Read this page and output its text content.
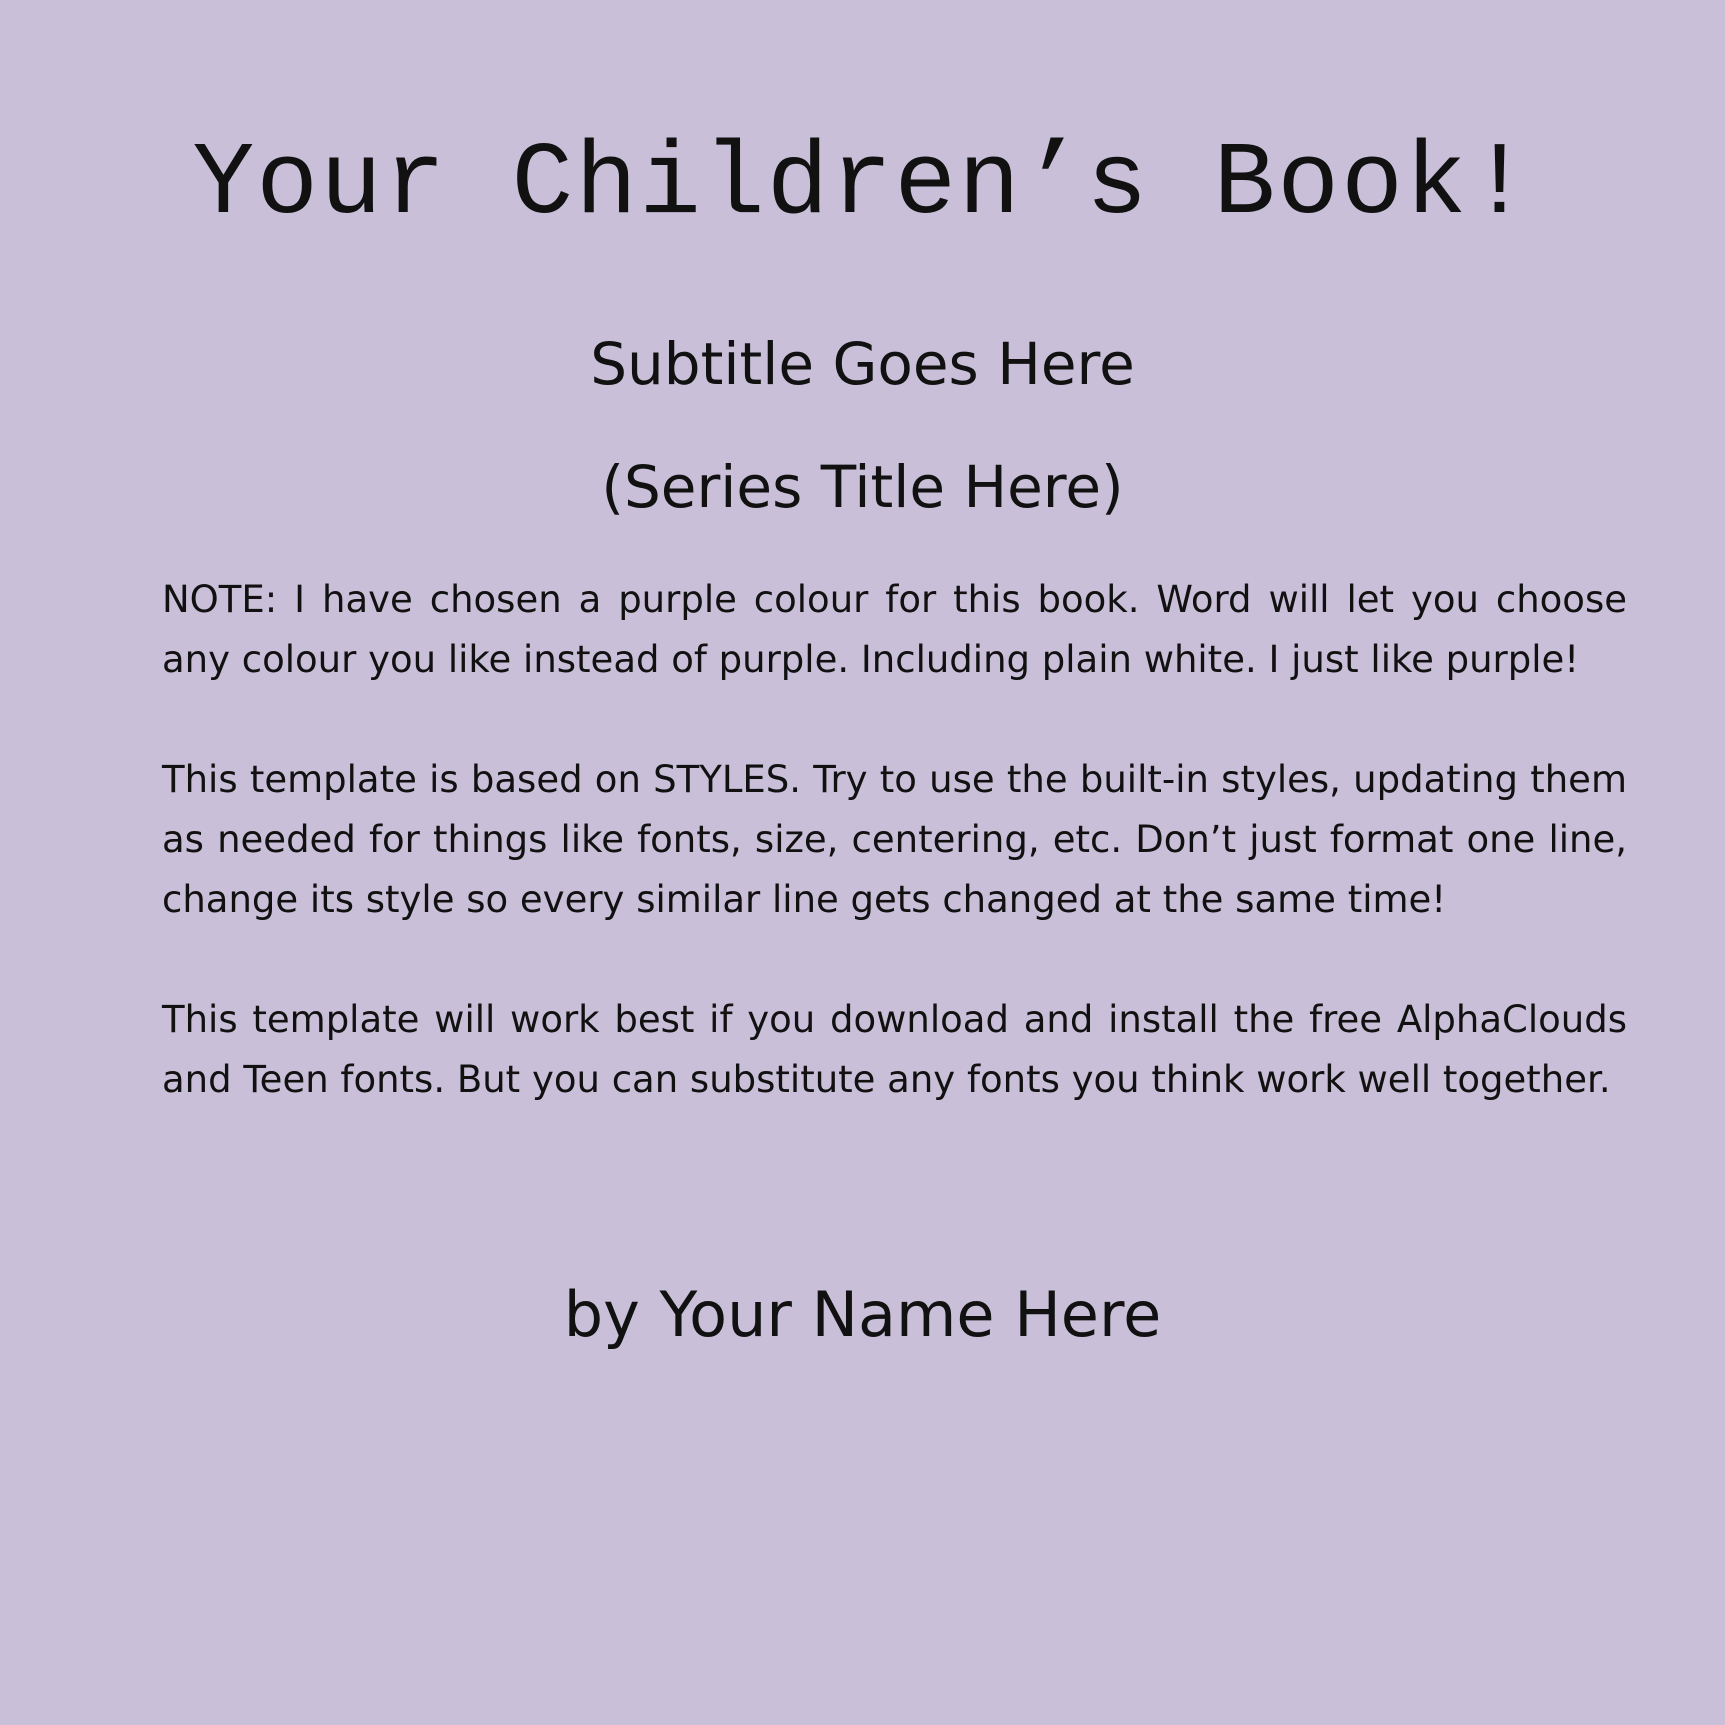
Your Children’s Book!
Subtitle Goes Here
(Series Title Here)

NOTE: I have chosen a purple colour for this book. Word will let you choose any colour you like instead of purple. Including plain white. I just like purple!

This template is based on STYLES. Try to use the built-in styles, updating them as needed for things like fonts, size, centering, etc. Don’t just format one line, change its style so every similar line gets changed at the same time!

This template will work best if you download and install the free AlphaClouds and Teen fonts. But you can substitute any fonts you think work well together.

by Your Name Here
